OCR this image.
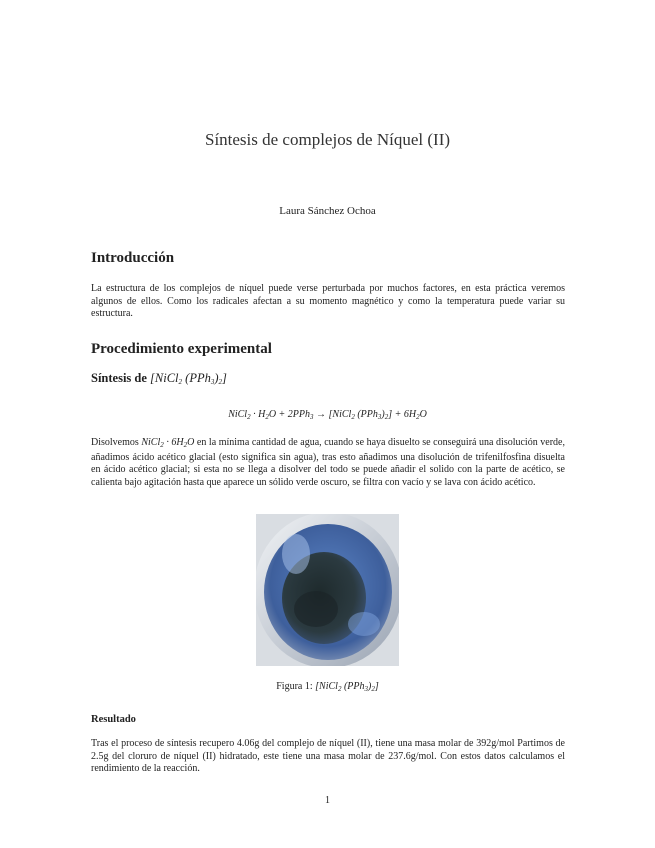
Síntesis de complejos de Níquel (II)
Laura Sánchez Ochoa
Introducción

La estructura de los complejos de níquel puede verse perturbada por muchos factores, en esta práctica veremos algunos de ellos. Como los radicales afectan a su momento magnético y como la temperatura puede variar su estructura.

Procedimiento experimental
Síntesis de [NiCl$_2$ $(PPh_3)_2$]
NiCl$_2$ · $H_2O + 2PPh_3$ → [NiCl$_2$ $(PPh_3)_2] + 6H_2O$

Disolvemos NiCl$_2$ · $6H_2O$ en la mínima cantidad de agua, cuando se haya disuelto se conseguirá una disolución verde, añadimos ácido acético glacial (esto significa sin agua), tras esto añadimos una disolución de trifenilfosfina disuelta en ácido acético glacial; si esta no se llega a disolver del todo se puede añadir el solido con la parte de acético, se calienta bajo agitación hasta que aparece un sólido verde oscuro, se filtra con vacío y se lava con ácido acético.

Figura 1: [NiCl$_2$ $(PPh_3)_2$]
Resultado

Tras el proceso de síntesis recupero 4.06g del complejo de níquel (II), tiene una masa molar de 392g/mol Partimos de 2.5g del cloruro de níquel (II) hidratado, este tiene una masa molar de 237.6g/mol. Con estos datos calculamos el rendimiento de la reacción.

1
